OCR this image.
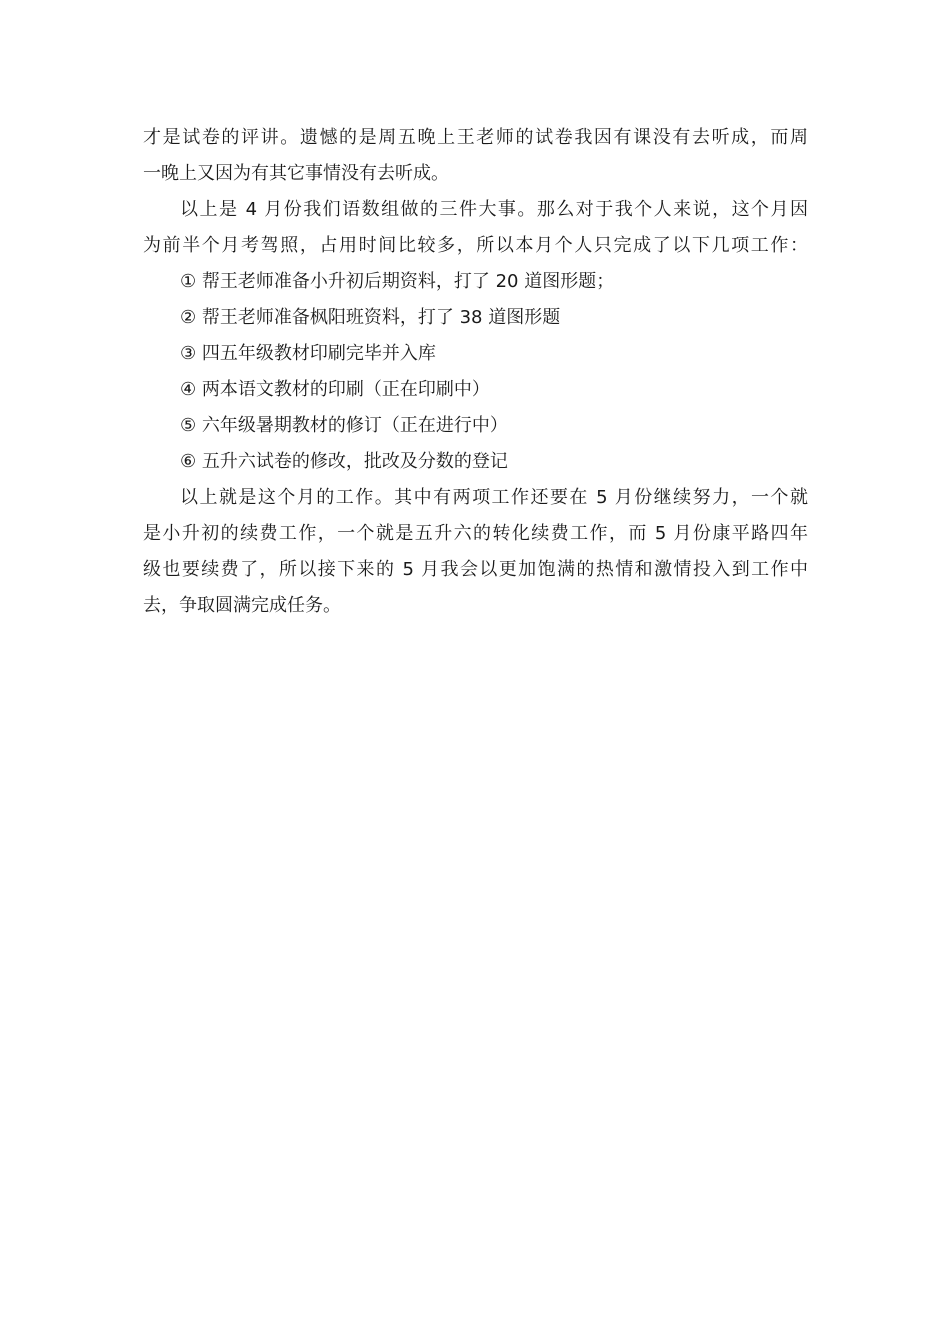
才是试卷的评讲。遗憾的是周五晚上王老师的试卷我因有课没有去听成，而周
一晚上又因为有其它事情没有去听成。
以上是 4 月份我们语数组做的三件大事。那么对于我个人来说，这个月因
为前半个月考驾照，占用时间比较多，所以本月个人只完成了以下几项工作：
① 帮王老师准备小升初后期资料，打了 20 道图形题；
② 帮王老师准备枫阳班资料，打了 38 道图形题
③ 四五年级教材印刷完毕并入库
④ 两本语文教材的印刷（正在印刷中）
⑤ 六年级暑期教材的修订（正在进行中）
⑥ 五升六试卷的修改，批改及分数的登记
以上就是这个月的工作。其中有两项工作还要在 5 月份继续努力，一个就
是小升初的续费工作，一个就是五升六的转化续费工作，而 5 月份康平路四年
级也要续费了，所以接下来的 5 月我会以更加饱满的热情和激情投入到工作中
去，争取圆满完成任务。
